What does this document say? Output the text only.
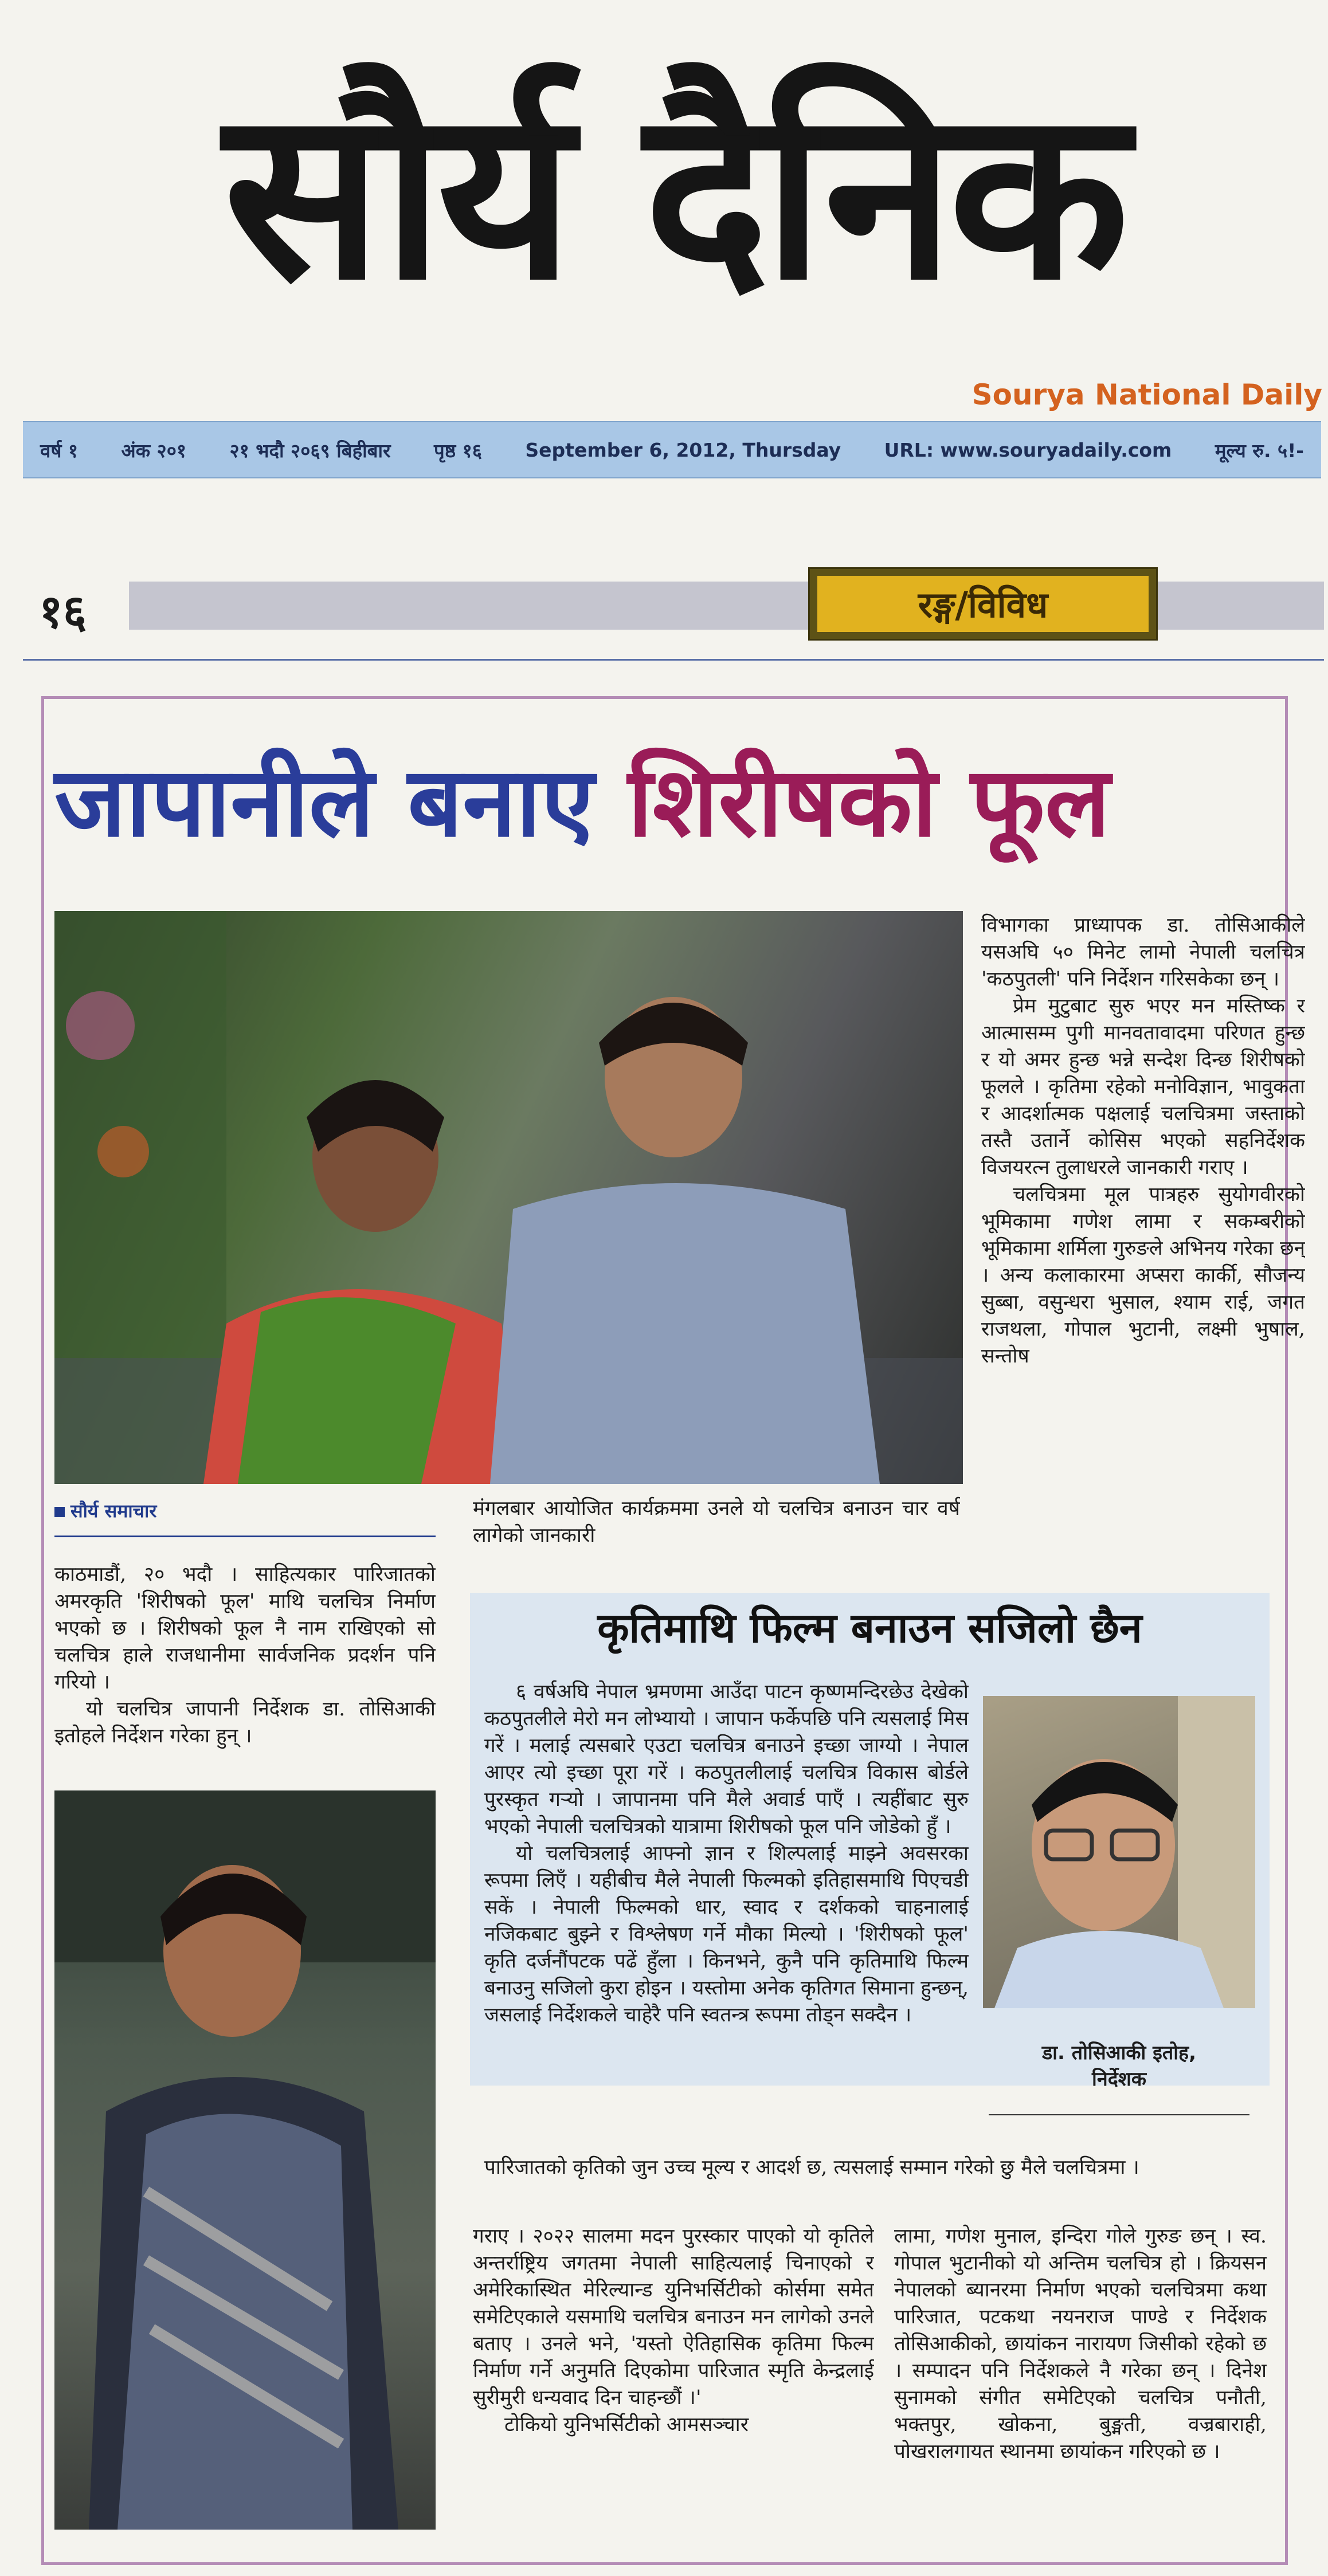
सौर्य दैनिक
Sourya National Daily
वर्ष १ अंक २०१ २१ भदौ २०६९ बिहीबार पृष्ठ १६ September 6, 2012, Thursday URL: www.souryadaily.com मूल्य रु. ५!-
१६	रङ्ग/विविध
जापानीले बनाए शिरीषको फूल

विभागका प्राध्यापक डा. तोसिआकीले यसअघि ५० मिनेट लामो नेपाली चलचित्र 'कठपुतली' पनि निर्देशन गरिसकेका छन् ।

प्रेम मुटुबाट सुरु भएर मन मस्तिष्क र आत्मासम्म पुगी मानवतावादमा परिणत हुन्छ र यो अमर हुन्छ भन्ने सन्देश दिन्छ शिरीषको फूलले । कृतिमा रहेको मनोविज्ञान, भावुकता र आदर्शात्मक पक्षलाई चलचित्रमा जस्ताको तस्तै उतार्ने कोसिस भएको सहनिर्देशक विजयरत्न तुलाधरले जानकारी गराए ।

चलचित्रमा मूल पात्रहरु सुयोगवीरको भूमिकामा गणेश लामा र सकम्बरीको भूमिकामा शर्मिला गुरुङले अभिनय गरेका छन् । अन्य कलाकारमा अप्सरा कार्की, सौजन्य सुब्बा, वसुन्धरा भुसाल, श्याम राई, जगत राजथला, गोपाल भुटानी, लक्ष्मी भुषाल, सन्तोष

सौर्य समाचार

काठमाडौं, २० भदौ । साहित्यकार पारिजातको अमरकृति 'शिरीषको फूल' माथि चलचित्र निर्माण भएको छ । शिरीषको फूल नै नाम राखिएको सो चलचित्र हाले राजधानीमा सार्वजनिक प्रदर्शन पनि गरियो ।

यो चलचित्र जापानी निर्देशक डा. तोसिआकी इतोहले निर्देशन गरेका हुन् ।

मंगलबार आयोजित कार्यक्रममा उनले यो चलचित्र बनाउन चार वर्ष लागेको जानकारी

कृतिमाथि फिल्म बनाउन सजिलो छैन

६ वर्षअघि नेपाल भ्रमणमा आउँदा पाटन कृष्णमन्दिरछेउ देखेको कठपुतलीले मेरो मन लोभ्यायो । जापान फर्केपछि पनि त्यसलाई मिस गरें । मलाई त्यसबारे एउटा चलचित्र बनाउने इच्छा जाग्यो । नेपाल आएर त्यो इच्छा पूरा गरें । कठपुतलीलाई चलचित्र विकास बोर्डले पुरस्कृत गर्‍यो । जापानमा पनि मैले अवार्ड पाएँ । त्यहींबाट सुरु भएको नेपाली चलचित्रको यात्रामा शिरीषको फूल पनि जोडेको हुँ ।

यो चलचित्रलाई आफ्नो ज्ञान र शिल्पलाई माझ्ने अवसरका रूपमा लिएँ । यहीबीच मैले नेपाली फिल्मको इतिहासमाथि पिएचडी सकें । नेपाली फिल्मको धार, स्वाद र दर्शकको चाहनालाई नजिकबाट बुझ्ने र विश्लेषण गर्ने मौका मिल्यो । 'शिरीषको फूल' कृति दर्जनौंपटक पढें हुँला । किनभने, कुनै पनि कृतिमाथि फिल्म बनाउनु सजिलो कुरा होइन । यस्तोमा अनेक कृतिगत सिमाना हुन्छन्, जसलाई निर्देशकले चाहेरै पनि स्वतन्त्र रूपमा तोड्न सक्दैन ।

पारिजातको कृतिको जुन उच्च मूल्य र आदर्श छ, त्यसलाई सम्मान गरेको छु मैले चलचित्रमा ।

डा. तोसिआकी इतोह,
निर्देशक

गराए । २०२२ सालमा मदन पुरस्कार पाएको यो कृतिले अन्तर्राष्ट्रिय जगतमा नेपाली साहित्यलाई चिनाएको र अमेरिकास्थित मेरिल्यान्ड युनिभर्सिटीको कोर्समा समेत समेटिएकाले यसमाथि चलचित्र बनाउन मन लागेको उनले बताए । उनले भने, 'यस्तो ऐतिहासिक कृतिमा फिल्म निर्माण गर्ने अनुमति दिएकोमा पारिजात स्मृति केन्द्रलाई सुरीमुरी धन्यवाद दिन चाहन्छौं ।'

टोकियो युनिभर्सिटीको आमसञ्चार

लामा, गणेश मुनाल, इन्दिरा गोले गुरुङ छन् । स्व. गोपाल भुटानीको यो अन्तिम चलचित्र हो । क्रियसन नेपालको ब्यानरमा निर्माण भएको चलचित्रमा कथा पारिजात, पटकथा नयनराज पाण्डे र निर्देशक तोसिआकीको, छायांकन नारायण जिसीको रहेको छ । सम्पादन पनि निर्देशकले नै गरेका छन् । दिनेश सुनामको संगीत समेटिएको चलचित्र पनौती, भक्तपुर, खोकना, बुङ्मती, वज्रबाराही, पोखरालगायत स्थानमा छायांकन गरिएको छ ।
